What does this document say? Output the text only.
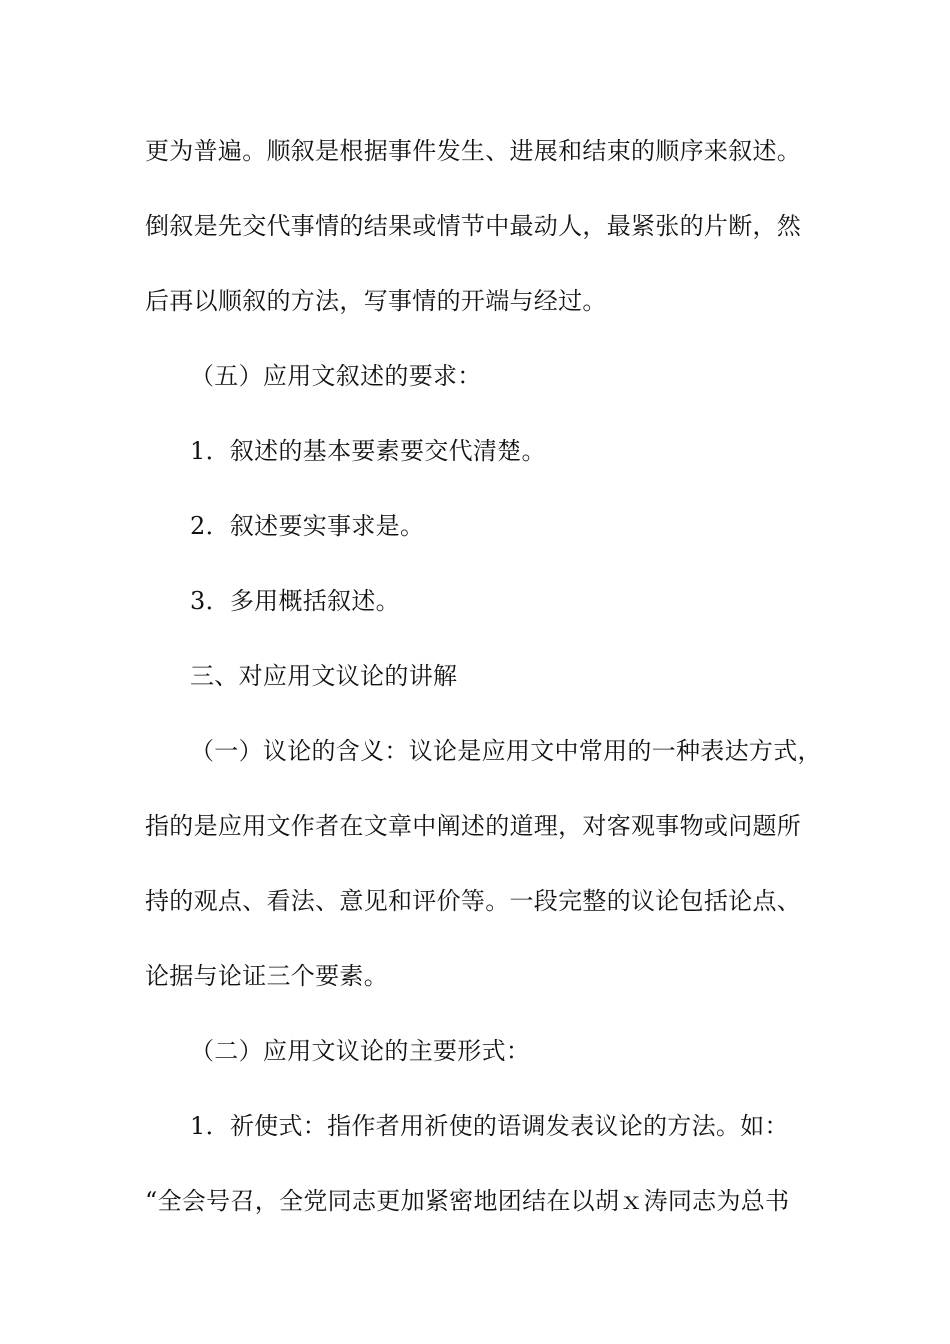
更为普遍。顺叙是根据事件发生、进展和结束的顺序来叙述。
倒叙是先交代事情的结果或情节中最动人，最紧张的片断，然
后再以顺叙的方法，写事情的开端与经过。
（五）应用文叙述的要求：
1．叙述的基本要素要交代清楚。
2．叙述要实事求是。
3．多用概括叙述。
三、对应用文议论的讲解
（一）议论的含义：议论是应用文中常用的一种表达方式，
指的是应用文作者在文章中阐述的道理，对客观事物或问题所
持的观点、看法、意见和评价等。一段完整的议论包括论点、
论据与论证三个要素。
（二）应用文议论的主要形式：
1．祈使式：指作者用祈使的语调发表议论的方法。如：
“全会号召，全党同志更加紧密地团结在以胡ｘ涛同志为总书
